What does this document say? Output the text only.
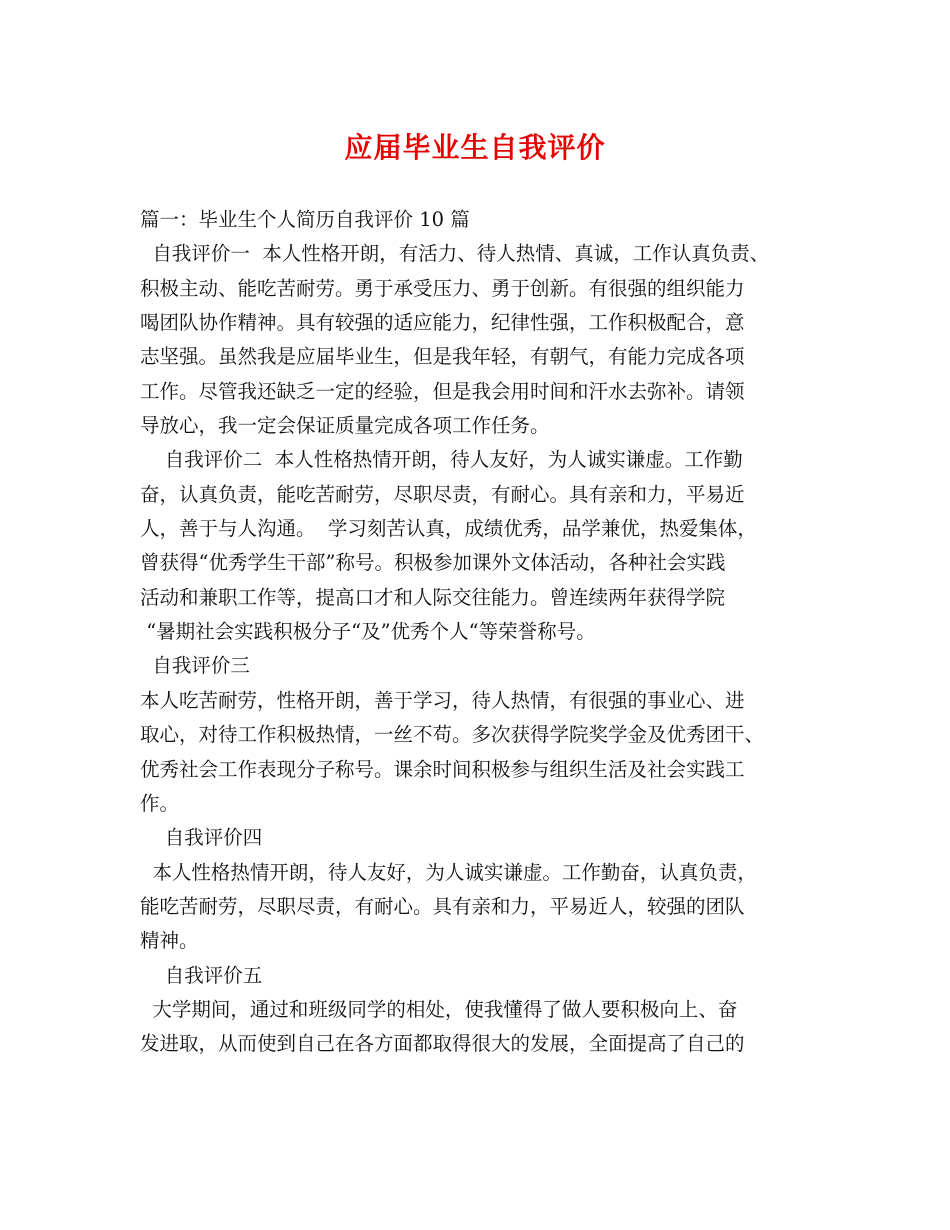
应届毕业生自我评价
篇一：毕业生个人简历自我评价 10 篇
自我评价一  本人性格开朗，有活力、待人热情、真诚，工作认真负责、
积极主动、能吃苦耐劳。勇于承受压力、勇于创新。有很强的组织能力
喝团队协作精神。具有较强的适应能力，纪律性强，工作积极配合，意
志坚强。虽然我是应届毕业生，但是我年轻，有朝气，有能力完成各项
工作。尽管我还缺乏一定的经验，但是我会用时间和汗水去弥补。请领
导放心，我一定会保证质量完成各项工作任务。
自我评价二  本人性格热情开朗，待人友好，为人诚实谦虚。工作勤
奋，认真负责，能吃苦耐劳，尽职尽责，有耐心。具有亲和力，平易近
人，善于与人沟通。  学习刻苦认真，成绩优秀，品学兼优，热爱集体，
曾获得“优秀学生干部”称号。积极参加课外文体活动，各种社会实践
活动和兼职工作等，提高口才和人际交往能力。曾连续两年获得学院
“暑期社会实践积极分子“及”优秀个人“等荣誉称号。
自我评价三
本人吃苦耐劳，性格开朗，善于学习，待人热情，有很强的事业心、进
取心，对待工作积极热情，一丝不苟。多次获得学院奖学金及优秀团干、
优秀社会工作表现分子称号。课余时间积极参与组织生活及社会实践工
作。
自我评价四
本人性格热情开朗，待人友好，为人诚实谦虚。工作勤奋，认真负责，
能吃苦耐劳，尽职尽责，有耐心。具有亲和力，平易近人，较强的团队
精神。
自我评价五
大学期间，通过和班级同学的相处，使我懂得了做人要积极向上、奋
发进取，从而使到自己在各方面都取得很大的发展，全面提高了自己的
